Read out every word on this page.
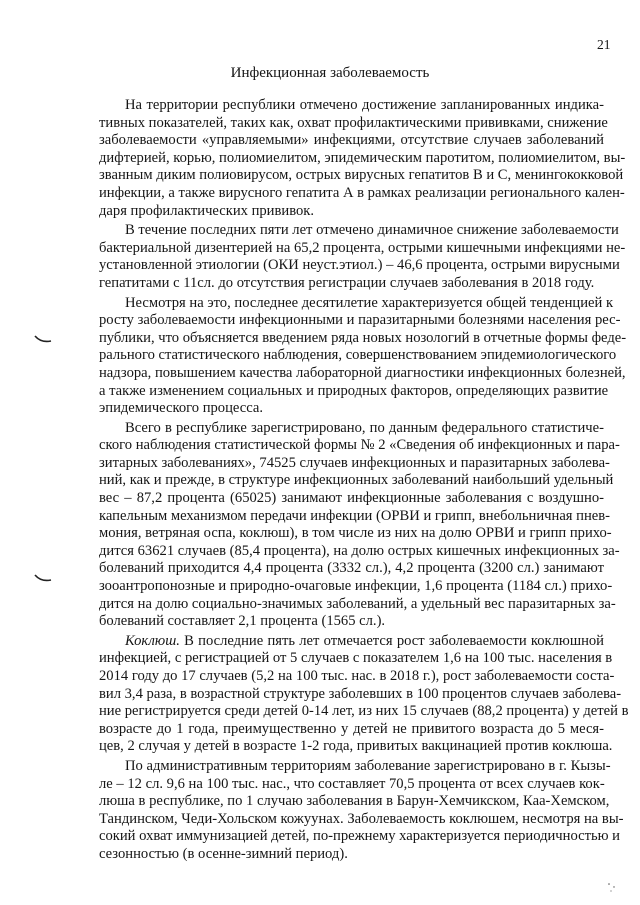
21
Инфекционная заболеваемость
На территории республики отмечено достижение запланированных индика-
тивных показателей, таких как, охват профилактическими прививками, снижение
заболеваемости «управляемыми» инфекциями, отсутствие случаев заболеваний
дифтерией, корью, полиомиелитом, эпидемическим паротитом, полиомиелитом, вы-
званным диким полиовирусом, острых вирусных гепатитов В и С, менингококковой
инфекции, а также вирусного гепатита А в рамках реализации регионального кален-
даря профилактических прививок.
В течение последних пяти лет отмечено динамичное снижение заболеваемости
бактериальной дизентерией на 65,2 процента, острыми кишечными инфекциями не-
установленной этиологии (ОКИ неуст.этиол.) – 46,6 процента, острыми вирусными
гепатитами с 11сл. до отсутствия регистрации случаев заболевания в 2018 году.
Несмотря на это, последнее десятилетие характеризуется общей тенденцией к
росту заболеваемости инфекционными и паразитарными болезнями населения рес-
публики, что объясняется введением ряда новых нозологий в отчетные формы феде-
рального статистического наблюдения, совершенствованием эпидемиологического
надзора, повышением качества лабораторной диагностики инфекционных болезней,
а также изменением социальных и природных факторов, определяющих развитие
эпидемического процесса.
Всего в республике зарегистрировано, по данным федерального статистиче-
ского наблюдения статистической формы № 2 «Сведения об инфекционных и пара-
зитарных заболеваниях», 74525 случаев инфекционных и паразитарных заболева-
ний, как и прежде, в структуре инфекционных заболеваний наибольший удельный
вес – 87,2 процента (65025) занимают инфекционные заболевания с воздушно-
капельным механизмом передачи инфекции (ОРВИ и грипп, внебольничная пнев-
мония, ветряная оспа, коклюш), в том числе из них на долю ОРВИ и грипп прихо-
дится 63621 случаев (85,4 процента), на долю острых кишечных инфекционных за-
болеваний приходится 4,4 процента (3332 сл.), 4,2 процента (3200 сл.) занимают
зооантропонозные и природно-очаговые инфекции, 1,6 процента (1184 сл.) прихо-
дится на долю социально-значимых заболеваний, а удельный вес паразитарных за-
болеваний составляет 2,1 процента (1565 сл.).
Коклюш. В последние пять лет отмечается рост заболеваемости коклюшной
инфекцией, с регистрацией от 5 случаев с показателем 1,6 на 100 тыс. населения в
2014 году до 17 случаев (5,2 на 100 тыс. нас. в 2018 г.), рост заболеваемости соста-
вил 3,4 раза, в возрастной структуре заболевших в 100 процентов случаев заболева-
ние регистрируется среди детей 0-14 лет, из них 15 случаев (88,2 процента) у детей в
возрасте до 1 года, преимущественно у детей не привитого возраста до 5 меся-
цев, 2 случая у детей в возрасте 1-2 года, привитых вакцинацией против коклюша.
По административным территориям заболевание зарегистрировано в г. Кызы-
ле – 12 сл. 9,6 на 100 тыс. нас., что составляет 70,5 процента от всех случаев кок-
люша в республике, по 1 случаю заболевания в Барун-Хемчикском, Каа-Хемском,
Тандинском, Чеди-Хольском кожуунах. Заболеваемость коклюшем, несмотря на вы-
сокий охват иммунизацией детей, по-прежнему характеризуется периодичностью и
сезонностью (в осенне-зимний период).
